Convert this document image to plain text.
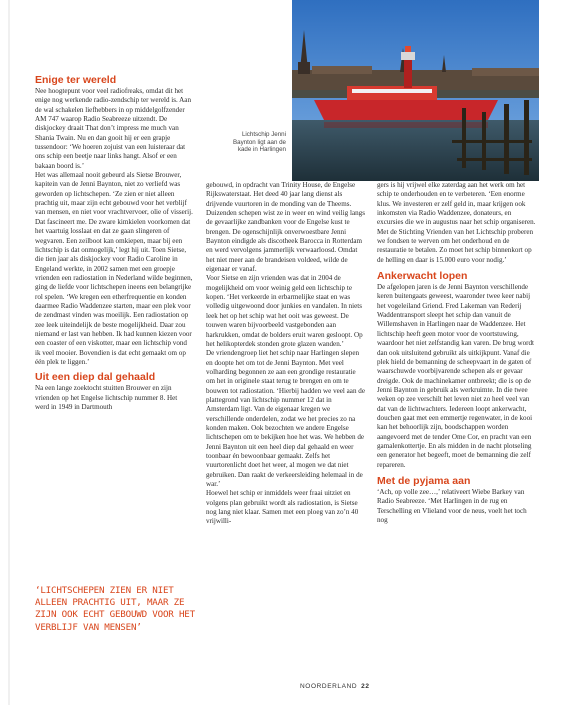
Lichtschip Jenni Baynton ligt aan de kade in Harlingen
Enige ter wereld

Nee hoogtepunt voor veel radiofreaks, omdat dit het enige nog werkende radio-zendschip ter wereld is. Aan de wal schakelen liefhebbers in op middelgolfzender AM 747 waarop Radio Seabreeze uitzendt. De diskjockey draait That don’t impress me much van Shania Twain. Nu en dan gooit hij er een grapje tussendoor: ‘We hoeren zojuist van een luisteraar dat ons schip een beetje naar links hangt. Alsof er een bakaan boord is.’

Het was allemaal nooit gebeurd als Sietse Brouwer, kapitein van de Jenni Baynton, niet zo verliefd was geworden op lichtschepen. ‘Ze zien er niet alleen prachtig uit, maar zijn echt gebouwd voor het verblijf van mensen, en niet voor vrachtvervoer, olie of visserij. Dat fascineert me. De zware kimkielen voorkomen dat het vaartuig losslaat en dat ze gaan slingeren of wegvaren. Een zeilboot kan omkiepen, maar bij een lichtschip is dat onmogelijk,’ legt hij uit. Toen Sietse, die tien jaar als diskjockey voor Radio Caroline in Engeland werkte, in 2002 samen met een groepje vrienden een radiostation in Nederland wilde beginnen, ging de liefde voor lichtschepen ineens een belangrijke rol spelen. ‘We kregen een etherfrequentie en konden daarmee Radio Waddenzee starten, maar een plek voor de zendmast vinden was moeilijk. Een radiostation op zee leek uiteindelijk de beste mogelijkheid. Daar zou niemand er last van hebben. Ik had kunnen kiezen voor een coaster of een viskotter, maar een lichtschip vond ik veel mooier. Bovendien is dat echt gemaakt om op één plek te liggen.’

Uit een diep dal gehaald

Na een lange zoektocht stuitten Brouwer en zijn vrienden op het Engelse lichtschip nummer 8. Het werd in 1949 in Dartmouth

gebouwd, in opdracht van Trinity House, de Engelse Rijkswaterstaat. Het deed 40 jaar lang dienst als drijvende vuurtoren in de monding van de Theems. Duizenden schepen wist ze in weer en wind veilig langs de gevaarlijke zandbanken voor de Engelse kust te brengen. De ogenschijnlijk onverwoestbare Jenni Baynton eindigde als discotheek Barocca in Rotterdam en werd vervolgens jammerlijk verwaarloosd. Omdat het niet meer aan de brandeisen voldeed, wilde de eigenaar er vanaf.

Voor Sietse en zijn vrienden was dat in 2004 de mogelijkheid om voor weinig geld een lichtschip te kopen. ‘Het verkeerde in erbarmelijke staat en was volledig uitgewoond door junkies en vandalen. In niets leek het op het schip wat het ooit was geweest. De touwen waren bijvoorbeeld vastgebonden aan harkrukken, omdat de bolders eruit waren gesloopt. Op het helikopterdek stonden grote glazen wanden.’

De vriendengroep liet het schip naar Harlingen slepen en doopte het om tot de Jenni Baynton. Met veel volharding begonnen ze aan een grondige restauratie om het in originele staat terug te brengen en om te bouwen tot radiostation. ‘Hierbij hadden we veel aan de plattegrond van lichtschip nummer 12 dat in Amsterdam ligt. Van de eigenaar kregen we verschillende onderdelen, zodat we het precies zo na konden maken. Ook bezochten we andere Engelse lichtschepen om te bekijken hoe het was. We hebben de Jenni Baynton uit een heel diep dal gehaald en weer toonbaar én bewoonbaar gemaakt. Zelfs het vuurtorenlicht doet het weer, al mogen we dat niet gebruiken. Dan raakt de verkeersleiding helemaal in de war.’

Hoewel het schip er inmiddels weer fraai uitziet en volgens plan gebruikt wordt als radiostation, is Sietse nog lang niet klaar. Samen met een ploeg van zo’n 40 vrijwilli-

gers is hij vrijwel elke zaterdag aan het werk om het schip te onderhouden en te verbeteren. ‘Een enorme klus. We investeren er zelf geld in, maar krijgen ook inkomsten via Radio Waddenzee, donateurs, en excursies die we in augustus naar het schip organiseren. Met de Stichting Vrienden van het Lichtschip proberen we fondsen te werven om het onderhoud en de restauratie te betalen. Zo moet het schip binnenkort op de helling en daar is 15.000 euro voor nodig.’

Ankerwacht lopen

De afgelopen jaren is de Jenni Baynton verschillende keren buitengaats geweest, waaronder twee keer nabij het vogeleiland Griend. Fred Lakeman van Rederij Waddentransport sleept het schip dan vanuit de Willemshaven in Harlingen naar de Waddenzee. Het lichtschip heeft geen motor voor de voortstuwing, waardoor het niet zelfstandig kan varen. De brug wordt dan ook uitsluitend gebruikt als uitkijkpunt. Vanaf die plek hield de bemanning de scheepvaart in de gaten of waarschuwde voorbijvarende schepen als er gevaar dreigde. Ook de machinekamer ontbreekt; die is op de Jenni Baynton in gebruik als werkruimte. In die twee weken op zee verschilt het leven niet zo heel veel van dat van de lichtwachters. Iedereen loopt ankerwacht, douchen gaat met een emmertje regenwater, in de kooi kan het behoorlijk zijn, boodschappen worden aangevoerd met de tender Ome Cor, en pracht van een gamalenkottertje. En als midden in de nacht plotseling een generator het begeeft, moet de bemanning die zelf repareren.

Met de pyjama aan

‘Ach, op volle zee…,’ relativeert Wiebe Barkey van Radio Seabreeze. ‘Met Harlingen in de rug en Terschelling en Vlieland voor de neus, voelt het toch nog

‘LICHTSCHEPEN ZIEN ER NIET ALLEEN PRACHTIG UIT, MAAR ZE ZIJN OOK ECHT GEBOUWD VOOR HET VERBLIJF VAN MENSEN’
NOORDERLAND 22
